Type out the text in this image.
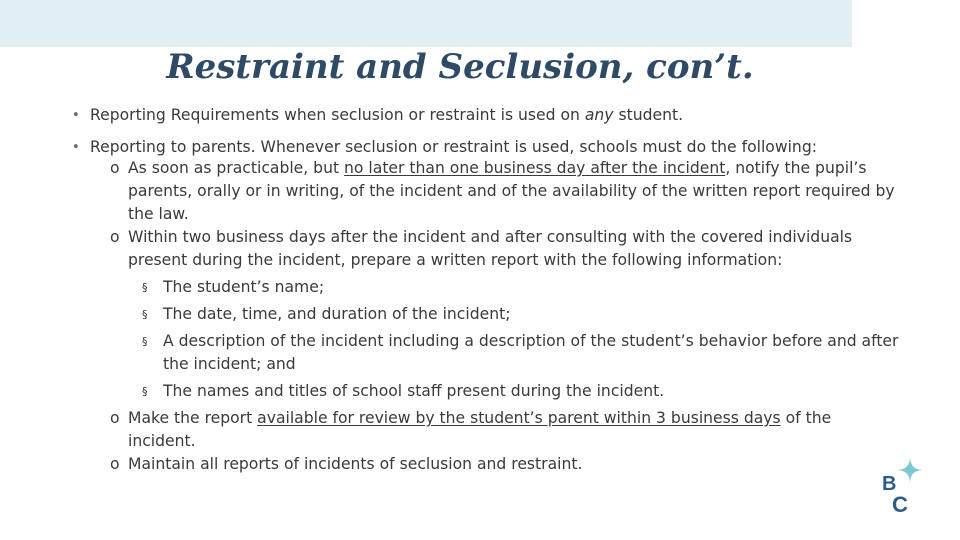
Restraint and Seclusion, con’t.
• Reporting Requirements when seclusion or restraint is used on any student.
• Reporting to parents. Whenever seclusion or restraint is used, schools must do the following:
o As soon as practicable, but no later than one business day after the incident, notify the pupil’s parents, orally or in writing, of the incident and of the availability of the written report required by the law.
o Within two business days after the incident and after consulting with the covered individuals present during the incident, prepare a written report with the following information:
§ The student’s name;
§ The date, time, and duration of the incident;
§ A description of the incident including a description of the student’s behavior before and after the incident; and
§ The names and titles of school staff present during the incident.
o Make the report available for review by the student’s parent within 3 business days of the incident.
o Maintain all reports of incidents of seclusion and restraint.
B
C
